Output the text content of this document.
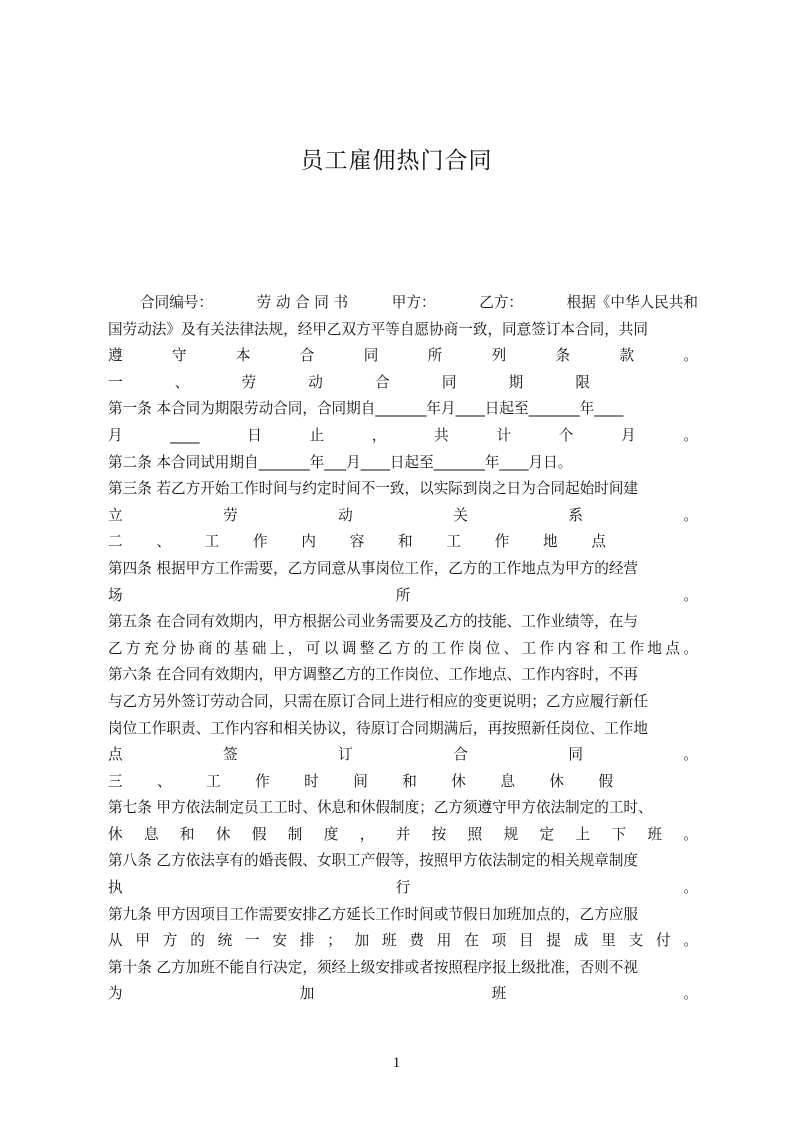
员工雇佣热门合同
合同编号：	劳 动 合 同 书	甲方：	乙方：	根据《中华人民共和
国劳动法》及有关法律法规，经甲乙双方平等自愿协商一致，同意签订本合同，共同
遵守本合同所列条款。
一、劳动合同期限
第一条 本合同为期限劳动合同，合同期自_______年月____日起至_______年____
月____日止，共计个月。
第二条 本合同试用期自_______年___月____日起至_______年____月日。
第三条 若乙方开始工作时间与约定时间不一致，以实际到岗之日为合同起始时间建
立劳动关系。
二、工作内容和工作地点
第四条 根据甲方工作需要，乙方同意从事岗位工作，乙方的工作地点为甲方的经营
场所。
第五条 在合同有效期内，甲方根据公司业务需要及乙方的技能、工作业绩等，在与
乙方充分协商的基础上，可以调整乙方的工作岗位、工作内容和工作地点。
第六条 在合同有效期内，甲方调整乙方的工作岗位、工作地点、工作内容时，不再
与乙方另外签订劳动合同，只需在原订合同上进行相应的变更说明；乙方应履行新任
岗位工作职责、工作内容和相关协议，待原订合同期满后，再按照新任岗位、工作地
点签订合同。
三、工作时间和休息休假
第七条 甲方依法制定员工工时、休息和休假制度；乙方须遵守甲方依法制定的工时、
休息和休假制度，并按照规定上下班。
第八条 乙方依法享有的婚丧假、女职工产假等，按照甲方依法制定的相关规章制度
执行。
第九条 甲方因项目工作需要安排乙方延长工作时间或节假日加班加点的，乙方应服
从甲方的统一安排；加班费用在项目提成里支付。
第十条 乙方加班不能自行决定，须经上级安排或者按照程序报上级批准，否则不视
为加班。
1
